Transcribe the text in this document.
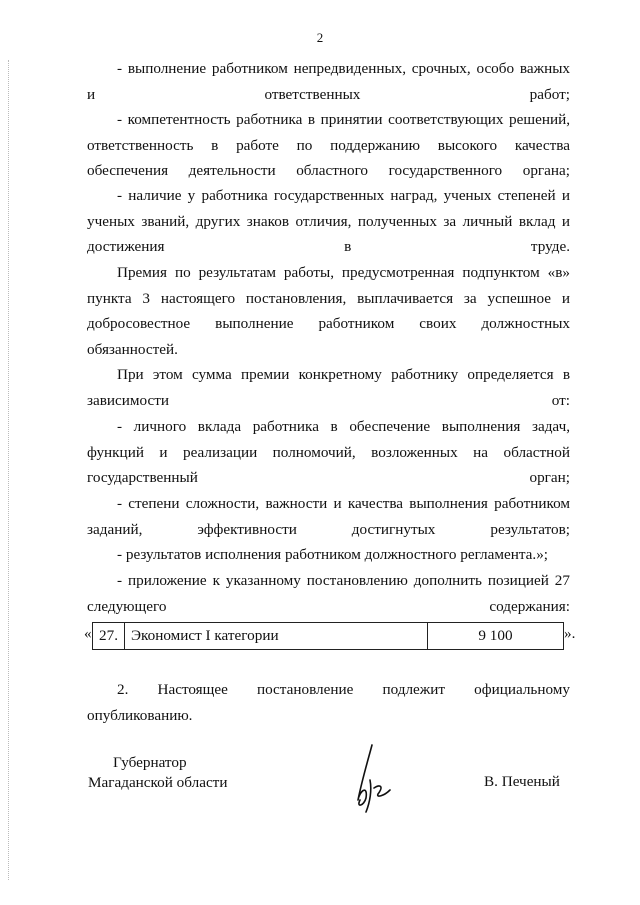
2
- выполнение работником непредвиденных, срочных, особо важных и ответственных работ;
- компетентность работника в принятии соответствующих решений, ответственность в работе по поддержанию высокого качества обеспечения деятельности областного государственного органа;
- наличие у работника государственных наград, ученых степеней и ученых званий, других знаков отличия, полученных за личный вклад и достижения в труде.
Премия по результатам работы, предусмотренная подпунктом «в» пункта 3 настоящего постановления, выплачивается за успешное и добросовестное выполнение работником своих должностных обязанностей.
При этом сумма премии конкретному работнику определяется в зависимости от:
- личного вклада работника в обеспечение выполнения задач, функций и реализации полномочий, возложенных на областной государственный орган;
- степени сложности, важности и качества выполнения работником заданий, эффективности достигнутых результатов;
- результатов исполнения работником должностного регламента.»;
- приложение к указанному постановлению дополнить позицией 27 следующего содержания:
« 27.	Экономист I категории	9 100	».
2. Настоящее постановление подлежит официальному опубликованию.
Губернатор
Магаданской области	В. Печеный
